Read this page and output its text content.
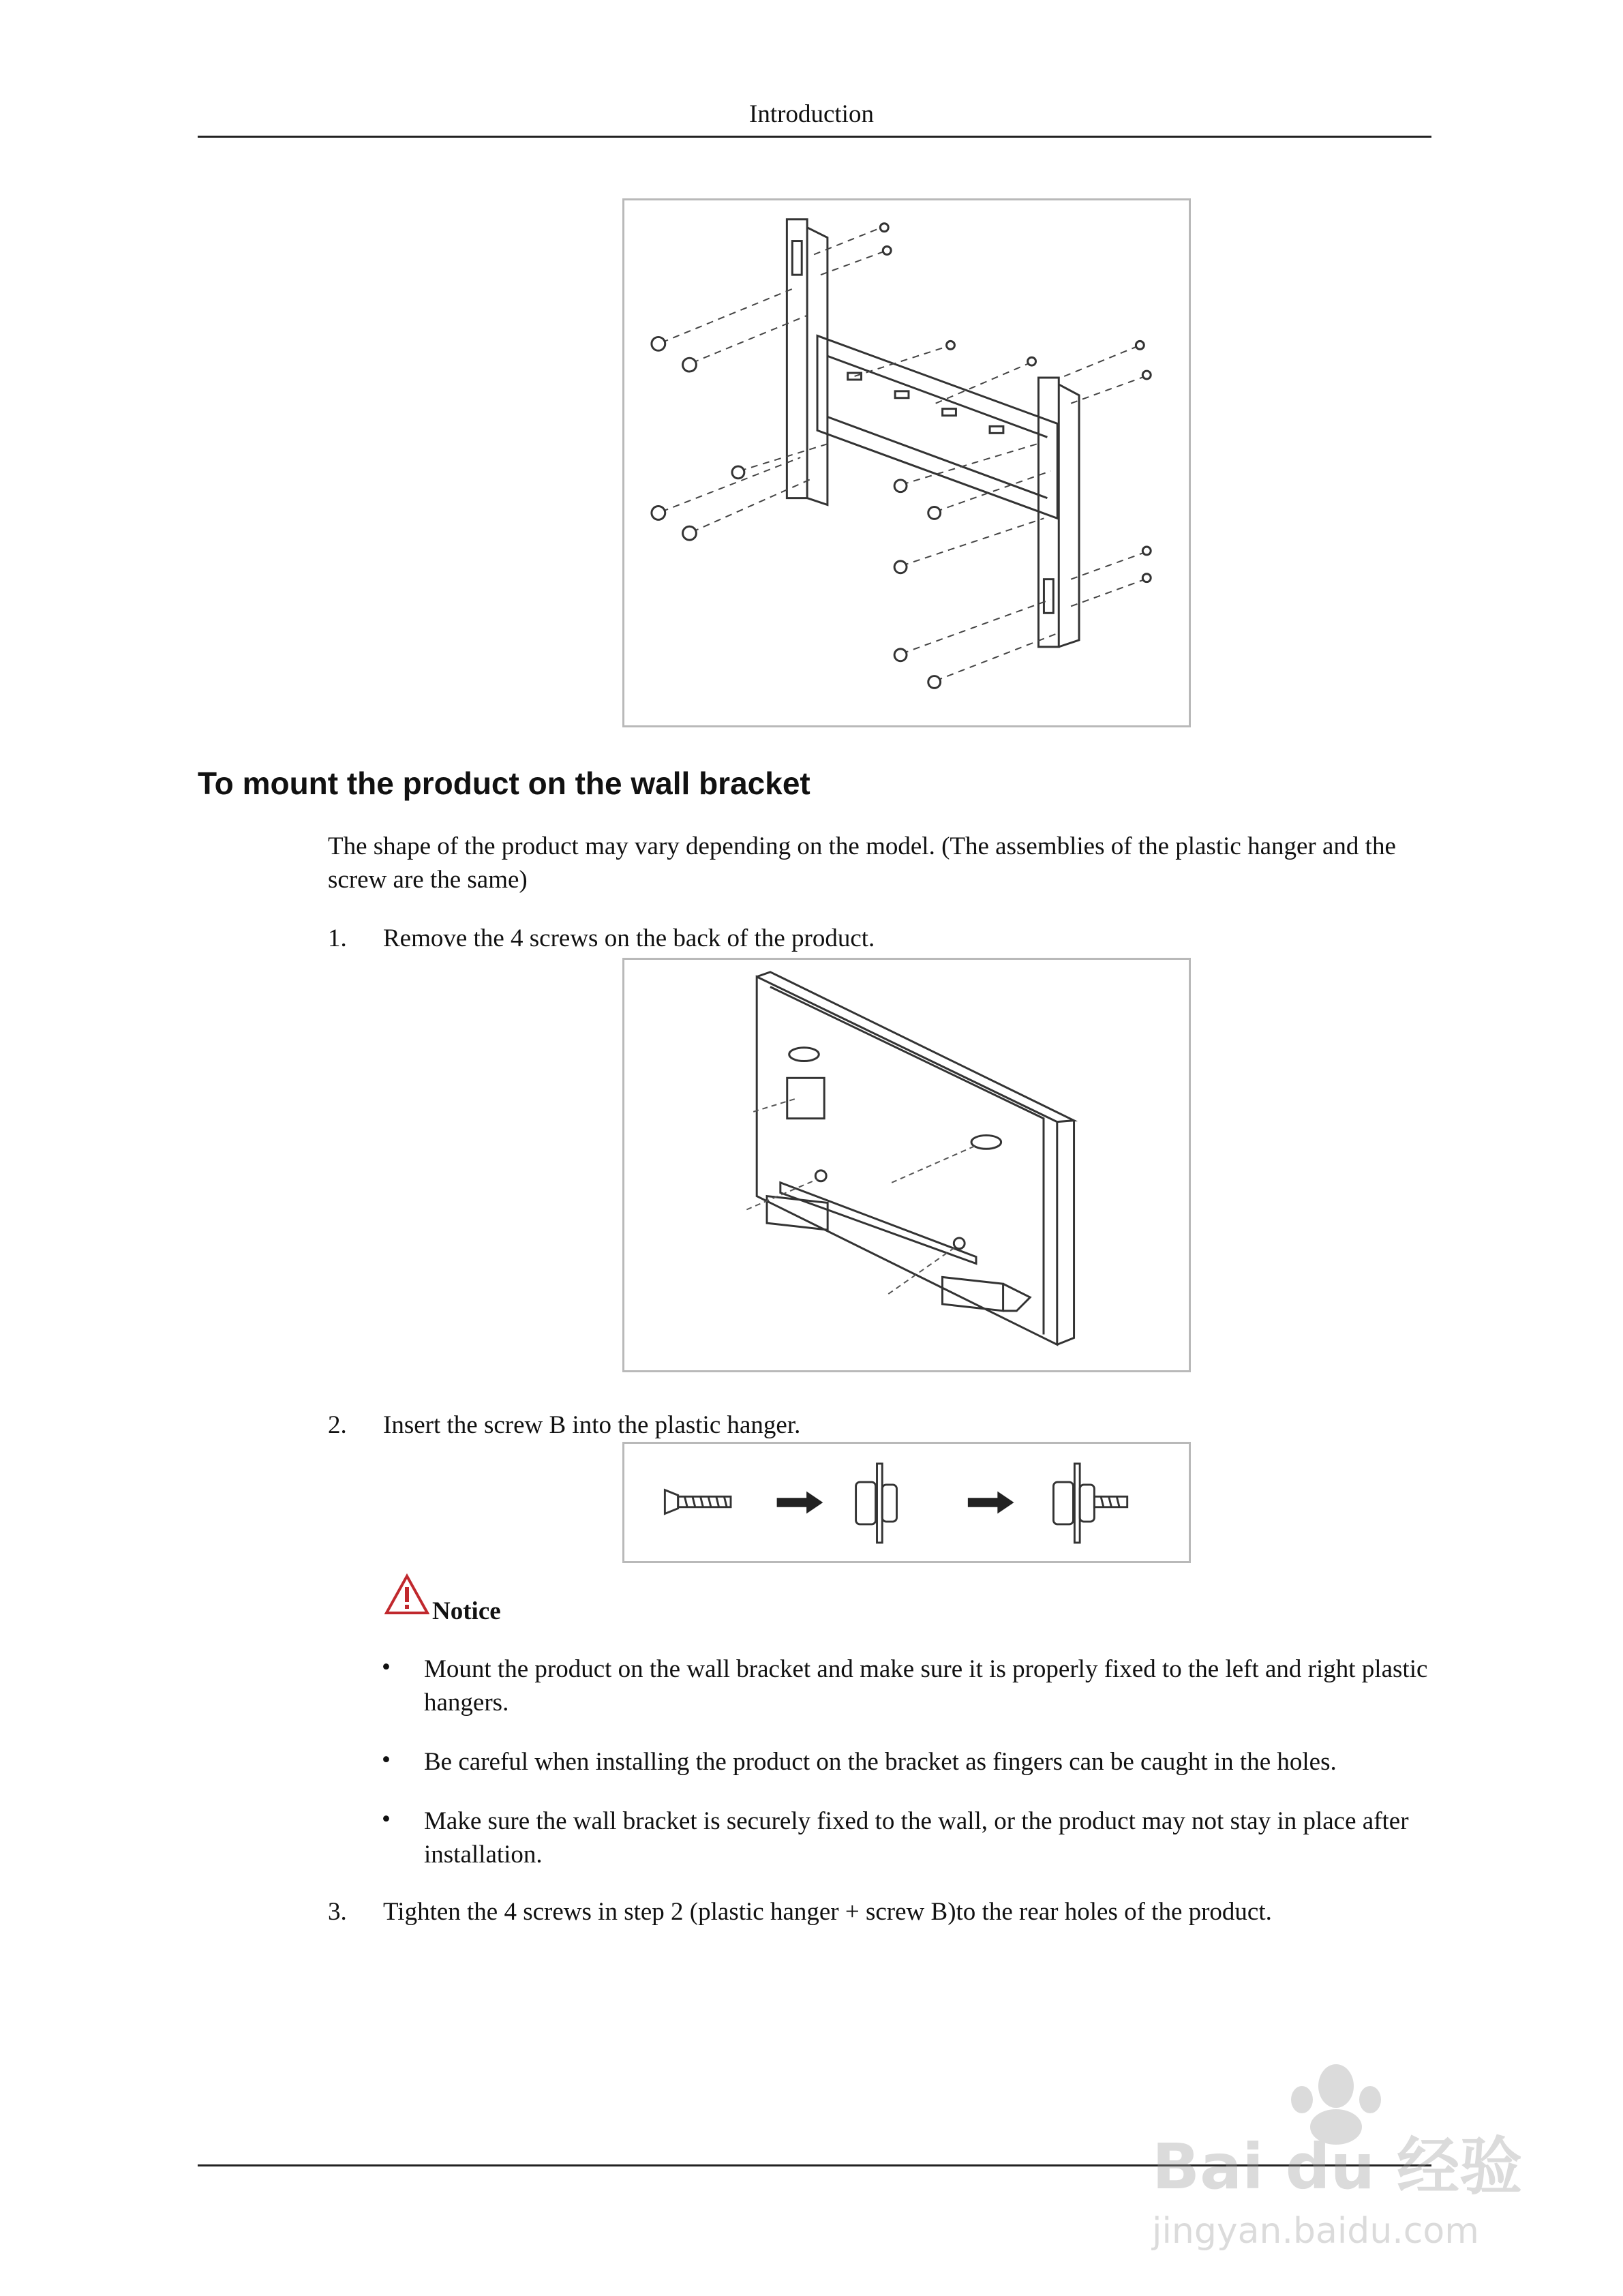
Introduction
To mount the product on the wall bracket
The shape of the product may vary depending on the model. (The assemblies of the plastic hanger and the screw are the same)
1. Remove the 4 screws on the back of the product.
2. Insert the screw B into the plastic hanger.
Notice
• Mount the product on the wall bracket and make sure it is properly fixed to the left and right plastic hangers.
• Be careful when installing the product on the bracket as fingers can be caught in the holes.
• Make sure the wall bracket is securely fixed to the wall, or the product may not stay in place after installation.
3. Tighten the 4 screws in step 2 (plastic hanger + screw B)to the rear holes of the product.
Bai du 经验
jingyan.baidu.com
